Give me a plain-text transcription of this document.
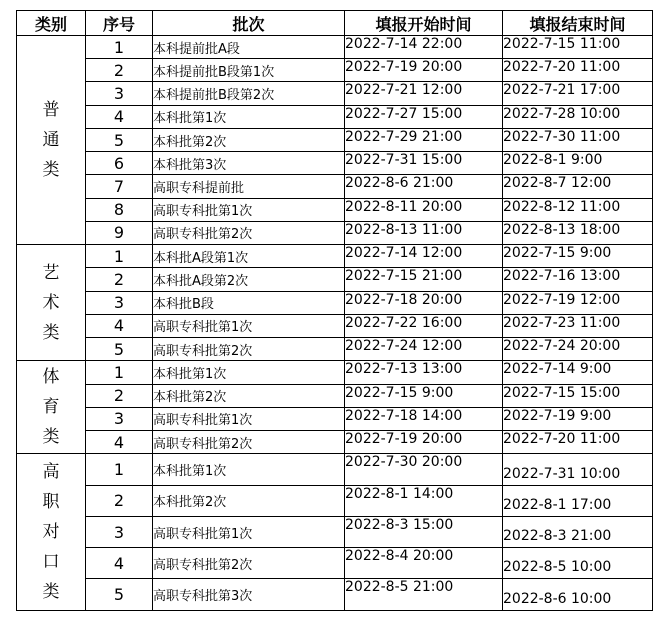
类别	序号	批次	填报开始时间	填报结束时间

普
通
类	1	本科提前批A段	2022-7-14 22:00	2022-7-15 11:00
	2	本科提前批B段第1次	2022-7-19 20:00	2022-7-20 11:00
	3	本科提前批B段第2次	2022-7-21 12:00	2022-7-21 17:00
	4	本科批第1次	2022-7-27 15:00	2022-7-28 10:00
	5	本科批第2次	2022-7-29 21:00	2022-7-30 11:00
	6	本科批第3次	2022-7-31 15:00	2022-8-1 9:00
	7	高职专科提前批	2022-8-6 21:00	2022-8-7 12:00
	8	高职专科批第1次	2022-8-11 20:00	2022-8-12 11:00
	9	高职专科批第2次	2022-8-13 11:00	2022-8-13 18:00

艺
术
类	1	本科批A段第1次	2022-7-14 12:00	2022-7-15 9:00
	2	本科批A段第2次	2022-7-15 21:00	2022-7-16 13:00
	3	本科批B段	2022-7-18 20:00	2022-7-19 12:00
	4	高职专科批第1次	2022-7-22 16:00	2022-7-23 11:00
	5	高职专科批第2次	2022-7-24 12:00	2022-7-24 20:00

体
育
类	1	本科批第1次	2022-7-13 13:00	2022-7-14 9:00
	2	本科批第2次	2022-7-15 9:00	2022-7-15 15:00
	3	高职专科批第1次	2022-7-18 14:00	2022-7-19 9:00
	4	高职专科批第2次	2022-7-19 20:00	2022-7-20 11:00

高
职
对
口
类	1	本科批第1次	2022-7-30 20:00	2022-7-31 10:00
	2	本科批第2次	2022-8-1 14:00	2022-8-1 17:00
	3	高职专科批第1次	2022-8-3 15:00	2022-8-3 21:00
	4	高职专科批第2次	2022-8-4 20:00	2022-8-5 10:00
	5	高职专科批第3次	2022-8-5 21:00	2022-8-6 10:00
